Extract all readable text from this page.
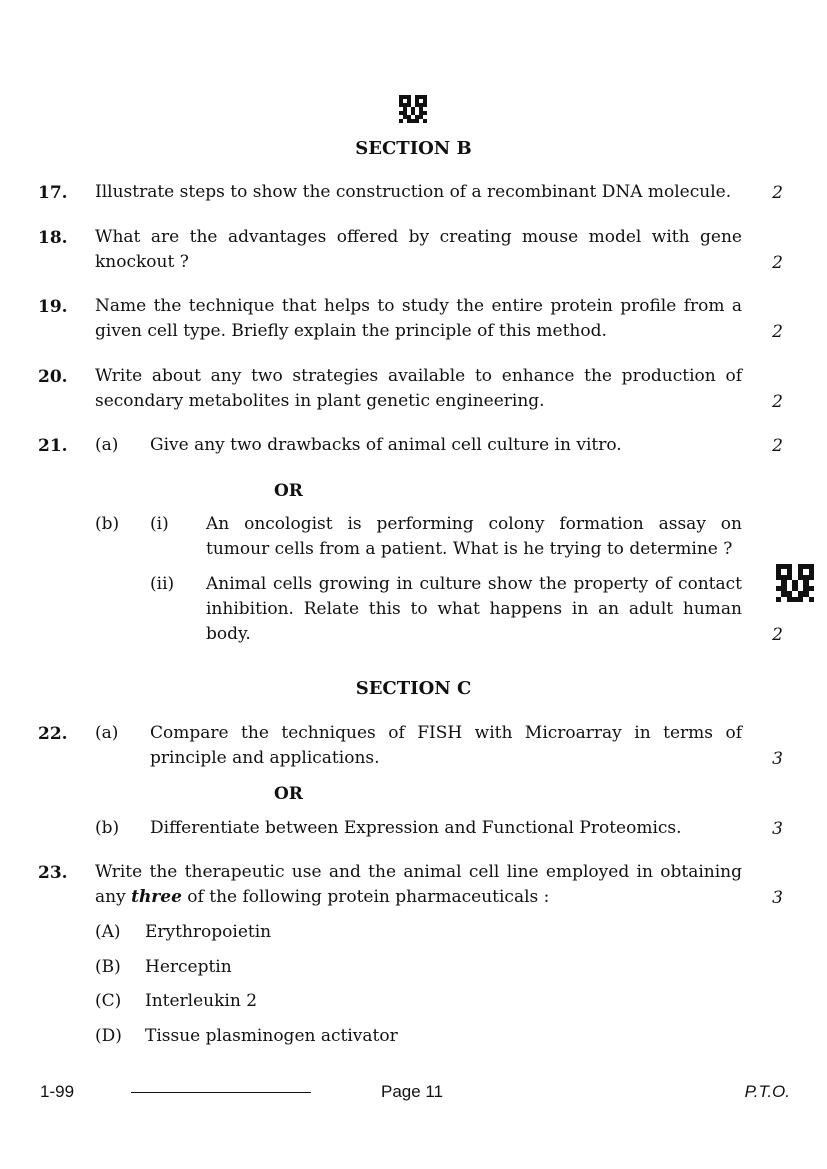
SECTION B
17. Illustrate steps to show the construction of a recombinant DNA molecule.	2
18. What are the advantages offered by creating mouse model with gene knockout ?	2
19. Name the technique that helps to study the entire protein profile from a given cell type. Briefly explain the principle of this method.	2
20. Write about any two strategies available to enhance the production of secondary metabolites in plant genetic engineering.	2
21. (a) Give any two drawbacks of animal cell culture in vitro.	2
OR
(b) (i) An oncologist is performing colony formation assay on tumour cells from a patient. What is he trying to determine ?
(ii) Animal cells growing in culture show the property of contact inhibition. Relate this to what happens in an adult human body.	2
SECTION C
22. (a) Compare the techniques of FISH with Microarray in terms of principle and applications.	3
OR
(b) Differentiate between Expression and Functional Proteomics.	3
23. Write the therapeutic use and the animal cell line employed in obtaining any three of the following protein pharmaceuticals :	3
(A) Erythropoietin
(B) Herceptin
(C) Interleukin 2
(D) Tissue plasminogen activator
1-99	Page 11	P.T.O.
